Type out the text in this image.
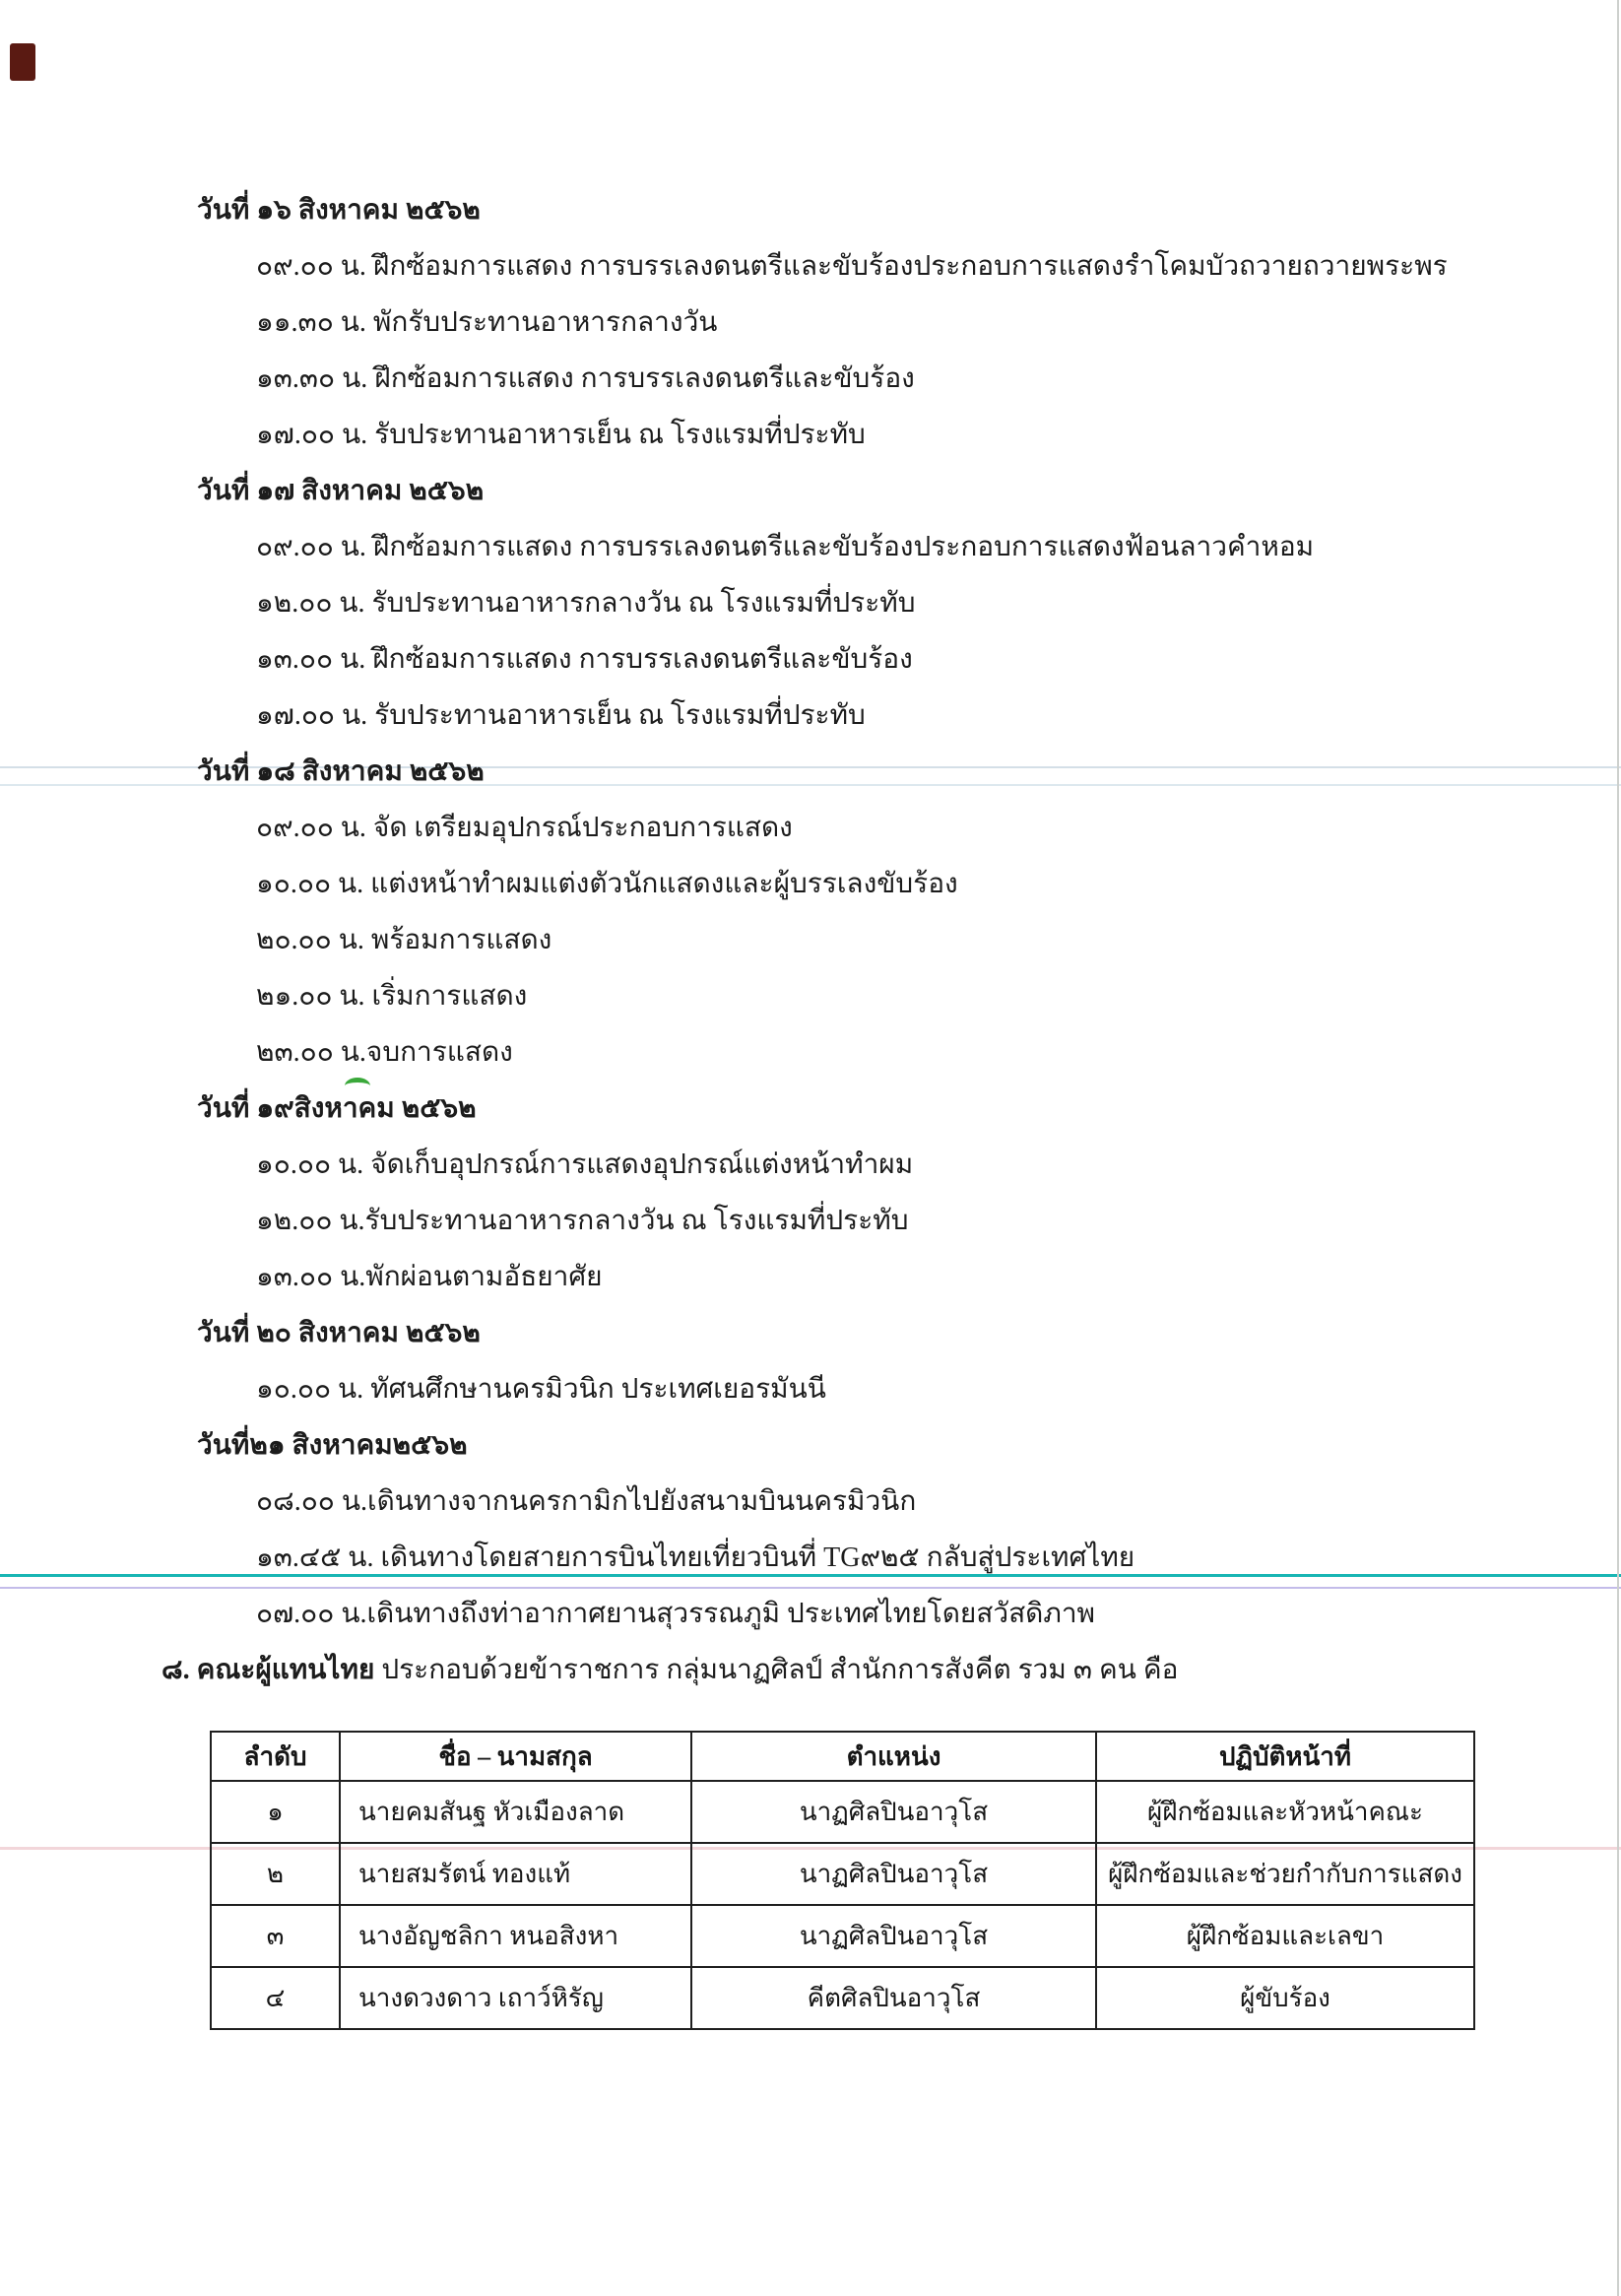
วันที่ ๑๖ สิงหาคม ๒๕๖๒
๐๙.๐๐ น. ฝึกซ้อมการแสดง การบรรเลงดนตรีและขับร้องประกอบการแสดงรำโคมบัวถวายถวายพระพร
๑๑.๓๐ น. พักรับประทานอาหารกลางวัน
๑๓.๓๐ น. ฝึกซ้อมการแสดง การบรรเลงดนตรีและขับร้อง
๑๗.๐๐ น. รับประทานอาหารเย็น ณ โรงแรมที่ประทับ
วันที่ ๑๗ สิงหาคม ๒๕๖๒
๐๙.๐๐ น. ฝึกซ้อมการแสดง การบรรเลงดนตรีและขับร้องประกอบการแสดงฟ้อนลาวคำหอม
๑๒.๐๐ น. รับประทานอาหารกลางวัน ณ โรงแรมที่ประทับ
๑๓.๐๐ น. ฝึกซ้อมการแสดง การบรรเลงดนตรีและขับร้อง
๑๗.๐๐ น. รับประทานอาหารเย็น ณ โรงแรมที่ประทับ
วันที่ ๑๘ สิงหาคม ๒๕๖๒
๐๙.๐๐ น. จัด เตรียมอุปกรณ์ประกอบการแสดง
๑๐.๐๐ น. แต่งหน้าทำผมแต่งตัวนักแสดงและผู้บรรเลงขับร้อง
๒๐.๐๐ น. พร้อมการแสดง
๒๑.๐๐ น. เริ่มการแสดง
๒๓.๐๐ น.จบการแสดง
วันที่ ๑๙สิงหาคม ๒๕๖๒
๑๐.๐๐ น. จัดเก็บอุปกรณ์การแสดงอุปกรณ์แต่งหน้าทำผม
๑๒.๐๐ น.รับประทานอาหารกลางวัน ณ โรงแรมที่ประทับ
๑๓.๐๐ น.พักผ่อนตามอัธยาศัย
วันที่ ๒๐ สิงหาคม ๒๕๖๒
๑๐.๐๐ น. ทัศนศึกษานครมิวนิก ประเทศเยอรมันนี
วันที่๒๑ สิงหาคม๒๕๖๒
๐๘.๐๐ น.เดินทางจากนครกามิกไปยังสนามบินนครมิวนิก
๑๓.๔๕ น. เดินทางโดยสายการบินไทยเที่ยวบินที่ TG๙๒๕ กลับสู่ประเทศไทย
๐๗.๐๐ น.เดินทางถึงท่าอากาศยานสุวรรณภูมิ ประเทศไทยโดยสวัสดิภาพ
๘. คณะผู้แทนไทย ประกอบด้วยข้าราชการ กลุ่มนาฏศิลป์ สำนักการสังคีต รวม ๓ คน คือ
ลำดับ	ชื่อ – นามสกุล	ตำแหน่ง	ปฏิบัติหน้าที่
๑	นายคมสันฐ หัวเมืองลาด	นาฏศิลปินอาวุโส	ผู้ฝึกซ้อมและหัวหน้าคณะ
๒	นายสมรัตน์ ทองแท้	นาฏศิลปินอาวุโส	ผู้ฝึกซ้อมและช่วยกำกับการแสดง
๓	นางอัญชลิกา หนอสิงหา	นาฏศิลปินอาวุโส	ผู้ฝึกซ้อมและเลขา
๔	นางดวงดาว เถาว์หิรัญ	คีตศิลปินอาวุโส	ผู้ขับร้อง
